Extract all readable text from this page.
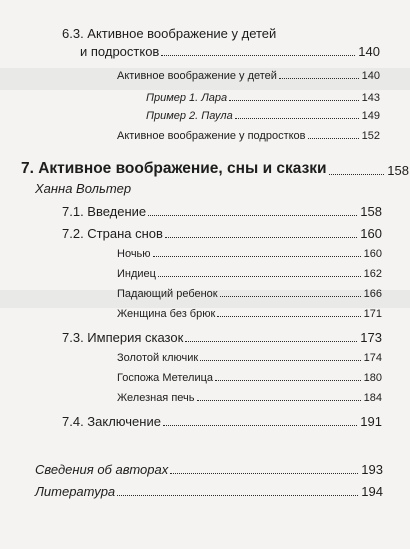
6.3. Активное воображение у детей
и подростков	140
Активное воображение у детей	140
Пример 1. Лара	143
Пример 2. Паула	149
Активное воображение у подростков	152
7. Активное воображение, сны и сказки	158
Ханна Вольтер
7.1. Введение	158
7.2. Страна снов	160
Ночью	160
Индиец	162
Падающий ребенок	166
Женщина без брюк	171
7.3. Империя сказок	173
Золотой ключик	174
Госпожа Метелица	180
Железная печь	184
7.4. Заключение	191
Сведения об авторах	193
Литература	194
